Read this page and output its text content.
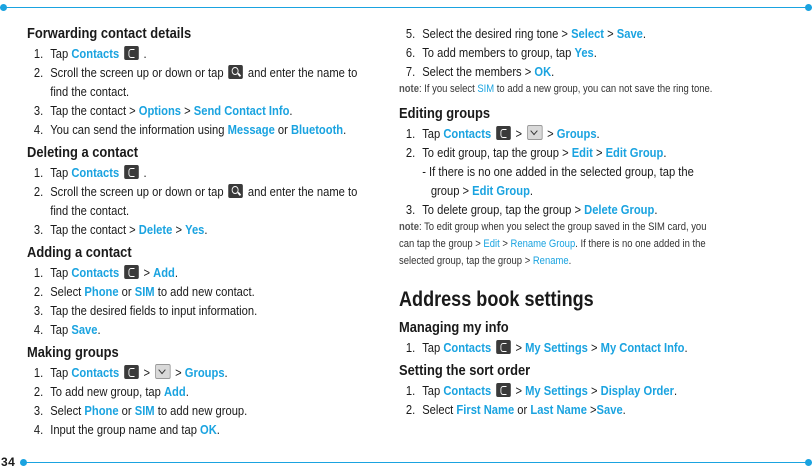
34
Forwarding contact details
1. Tap Contacts  .
2. Scroll the screen up or down or tap  and enter the name to
find the contact.
3. Tap the contact > Options > Send Contact Info.
4. You can send the information using Message or Bluetooth.
Deleting a contact
1. Tap Contacts  .
2. Scroll the screen up or down or tap  and enter the name to
find the contact.
3. Tap the contact > Delete > Yes.
Adding a contact
1. Tap Contacts  > Add.
2. Select Phone or SIM to add new contact.
3. Tap the desired fields to input information.
4. Tap Save.
Making groups
1. Tap Contacts  >  > Groups.
2. To add new group, tap Add.
3. Select Phone or SIM to add new group.
4. Input the group name and tap OK.
5. Select the desired ring tone > Select > Save.
6. To add members to group, tap Yes.
7. Select the members > OK.
note: If you select SIM to add a new group, you can not save the ring tone.
Editing groups
1. Tap Contacts  >  > Groups.
2. To edit group, tap the group > Edit > Edit Group.
- If there is no one added in the selected group, tap the
group > Edit Group.
3. To delete group, tap the group > Delete Group.
note: To edit group when you select the group saved in the SIM card, you
can tap the group > Edit > Rename Group. If there is no one added in the
selected group, tap the group > Rename.
Address book settings
Managing my info
1. Tap Contacts  > My Settings > My Contact Info.
Setting the sort order
1. Tap Contacts  > My Settings > Display Order.
2. Select First Name or Last Name >Save.
